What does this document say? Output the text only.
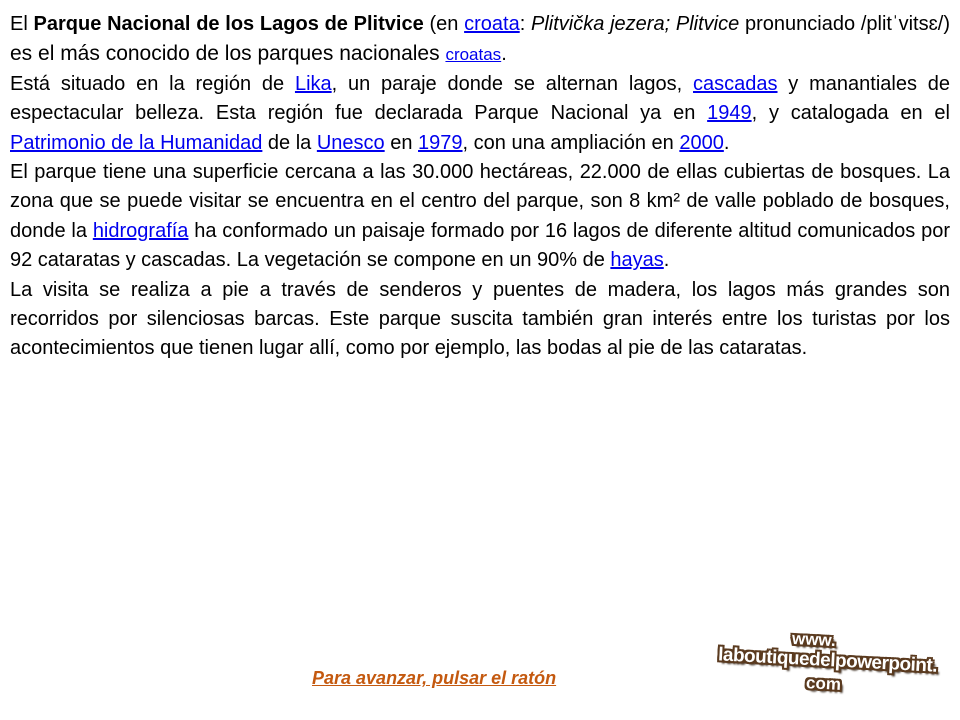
El Parque Nacional de los Lagos de Plitvice (en croata: Plitvička jezera; Plitvice pronunciado /plitˈvitsɛ/) es el más conocido de los parques nacionales croatas.

Está situado en la región de Lika, un paraje donde se alternan lagos, cascadas y manantiales de espectacular belleza. Esta región fue declarada Parque Nacional ya en 1949, y catalogada en el Patrimonio de la Humanidad de la Unesco en 1979, con una ampliación en 2000.

El parque tiene una superficie cercana a las 30.000 hectáreas, 22.000 de ellas cubiertas de bosques. La zona que se puede visitar se encuentra en el centro del parque, son 8 km² de valle poblado de bosques, donde la hidrografía ha conformado un paisaje formado por 16 lagos de diferente altitud comunicados por 92 cataratas y cascadas. La vegetación se compone en un 90% de hayas.

La visita se realiza a pie a través de senderos y puentes de madera, los lagos más grandes son recorridos por silenciosas barcas. Este parque suscita también gran interés entre los turistas por los acontecimientos que tienen lugar allí, como por ejemplo, las bodas al pie de las cataratas.

Para avanzar, pulsar el ratón
www.
laboutiquedelpowerpoint.
com
